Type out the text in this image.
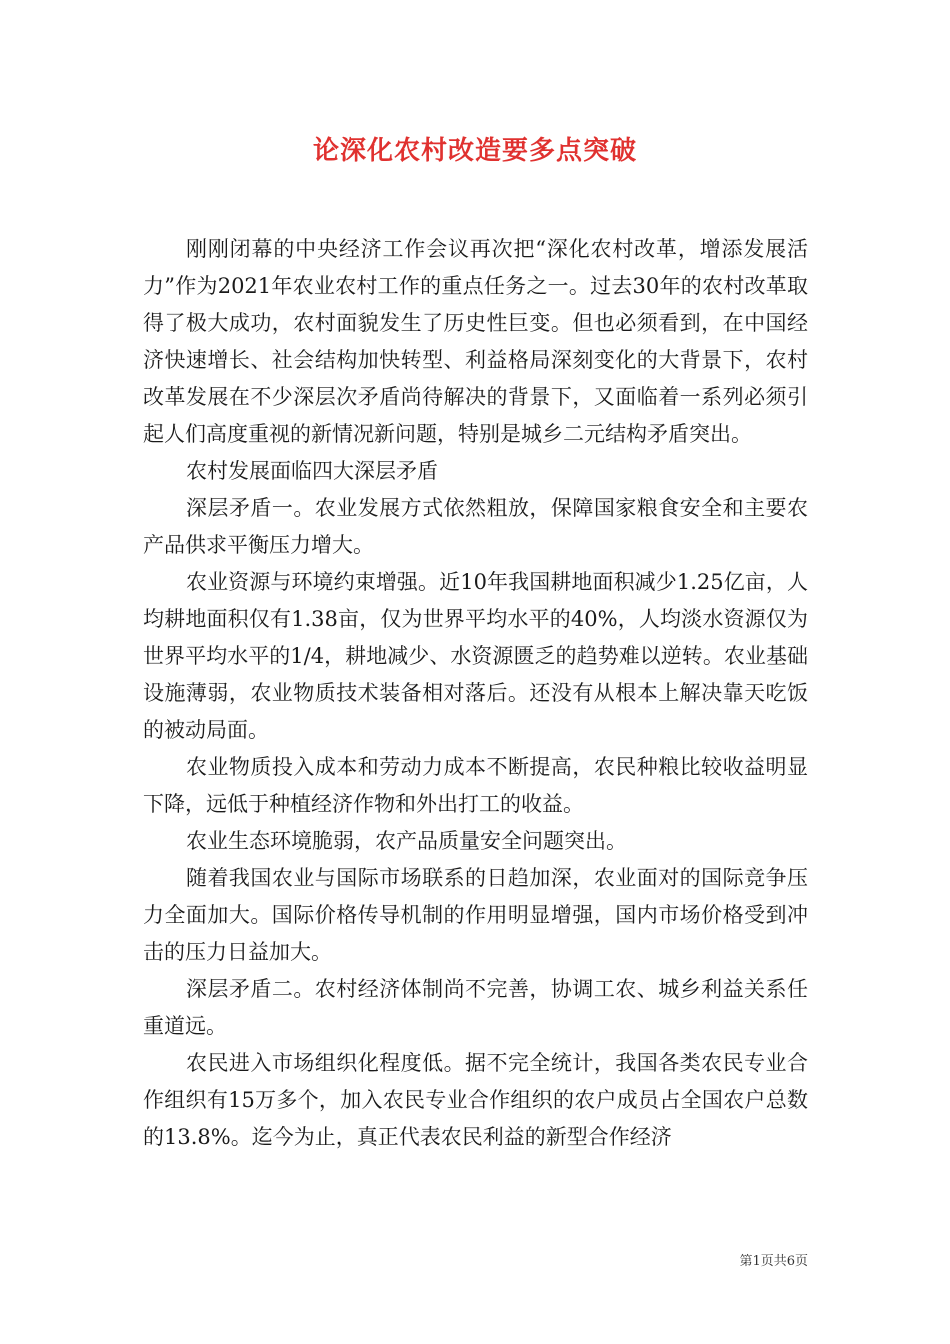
论深化农村改造要多点突破

刚刚闭幕的中央经济工作会议再次把“深化农村改革，增添发展活力”作为2021年农业农村工作的重点任务之一。过去30年的农村改革取得了极大成功，农村面貌发生了历史性巨变。但也必须看到，在中国经济快速增长、社会结构加快转型、利益格局深刻变化的大背景下，农村改革发展在不少深层次矛盾尚待解决的背景下，又面临着一系列必须引起人们高度重视的新情况新问题，特别是城乡二元结构矛盾突出。

农村发展面临四大深层矛盾

深层矛盾一。农业发展方式依然粗放，保障国家粮食安全和主要农产品供求平衡压力增大。

农业资源与环境约束增强。近10年我国耕地面积减少1.25亿亩，人均耕地面积仅有1.38亩，仅为世界平均水平的40%，人均淡水资源仅为世界平均水平的1/4，耕地减少、水资源匮乏的趋势难以逆转。农业基础设施薄弱，农业物质技术装备相对落后。还没有从根本上解决靠天吃饭的被动局面。

农业物质投入成本和劳动力成本不断提高，农民种粮比较收益明显下降，远低于种植经济作物和外出打工的收益。

农业生态环境脆弱，农产品质量安全问题突出。

随着我国农业与国际市场联系的日趋加深，农业面对的国际竞争压力全面加大。国际价格传导机制的作用明显增强，国内市场价格受到冲击的压力日益加大。

深层矛盾二。农村经济体制尚不完善，协调工农、城乡利益关系任重道远。

农民进入市场组织化程度低。据不完全统计，我国各类农民专业合作组织有15万多个，加入农民专业合作组织的农户成员占全国农户总数的13.8%。迄今为止，真正代表农民利益的新型合作经济

第1页共6页
